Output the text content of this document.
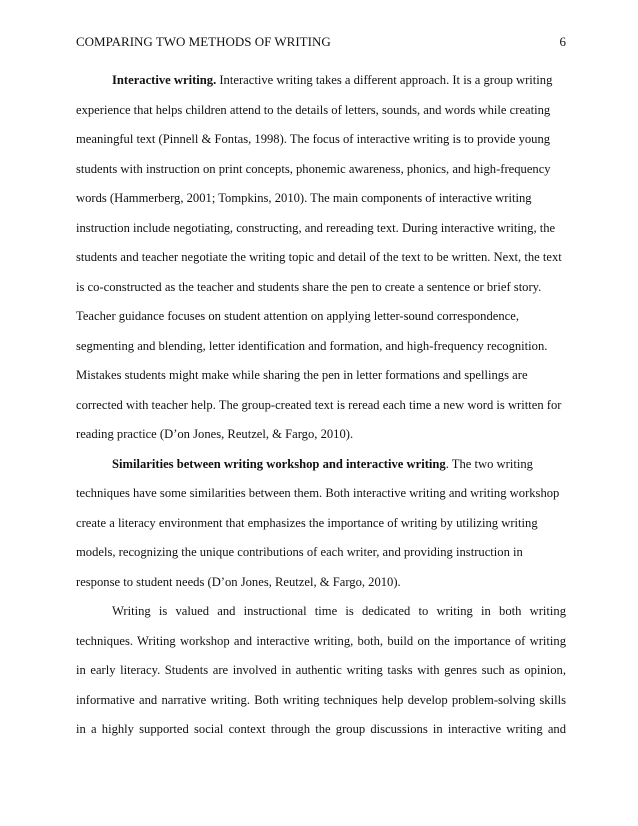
COMPARING TWO METHODS OF WRITING	6
Interactive writing. Interactive writing takes a different approach. It is a group writing
experience that helps children attend to the details of letters, sounds, and words while creating
meaningful text (Pinnell & Fontas, 1998). The focus of interactive writing is to provide young
students with instruction on print concepts, phonemic awareness, phonics, and high-frequency
words (Hammerberg, 2001; Tompkins, 2010). The main components of interactive writing
instruction include negotiating, constructing, and rereading text. During interactive writing, the
students and teacher negotiate the writing topic and detail of the text to be written. Next, the text
is co-constructed as the teacher and students share the pen to create a sentence or brief story.
Teacher guidance focuses on student attention on applying letter-sound correspondence,
segmenting and blending, letter identification and formation, and high-frequency recognition.
Mistakes students might make while sharing the pen in letter formations and spellings are
corrected with teacher help. The group-created text is reread each time a new word is written for
reading practice (D’on Jones, Reutzel, & Fargo, 2010).
Similarities between writing workshop and interactive writing. The two writing
techniques have some similarities between them. Both interactive writing and writing workshop
create a literacy environment that emphasizes the importance of writing by utilizing writing
models, recognizing the unique contributions of each writer, and providing instruction in
response to student needs (D’on Jones, Reutzel, & Fargo, 2010).
Writing is valued and instructional time is dedicated to writing in both writing
techniques. Writing workshop and interactive writing, both, build on the importance of writing
in early literacy. Students are involved in authentic writing tasks with genres such as opinion,
informative and narrative writing. Both writing techniques help develop problem-solving skills
in a highly supported social context through the group discussions in interactive writing and
